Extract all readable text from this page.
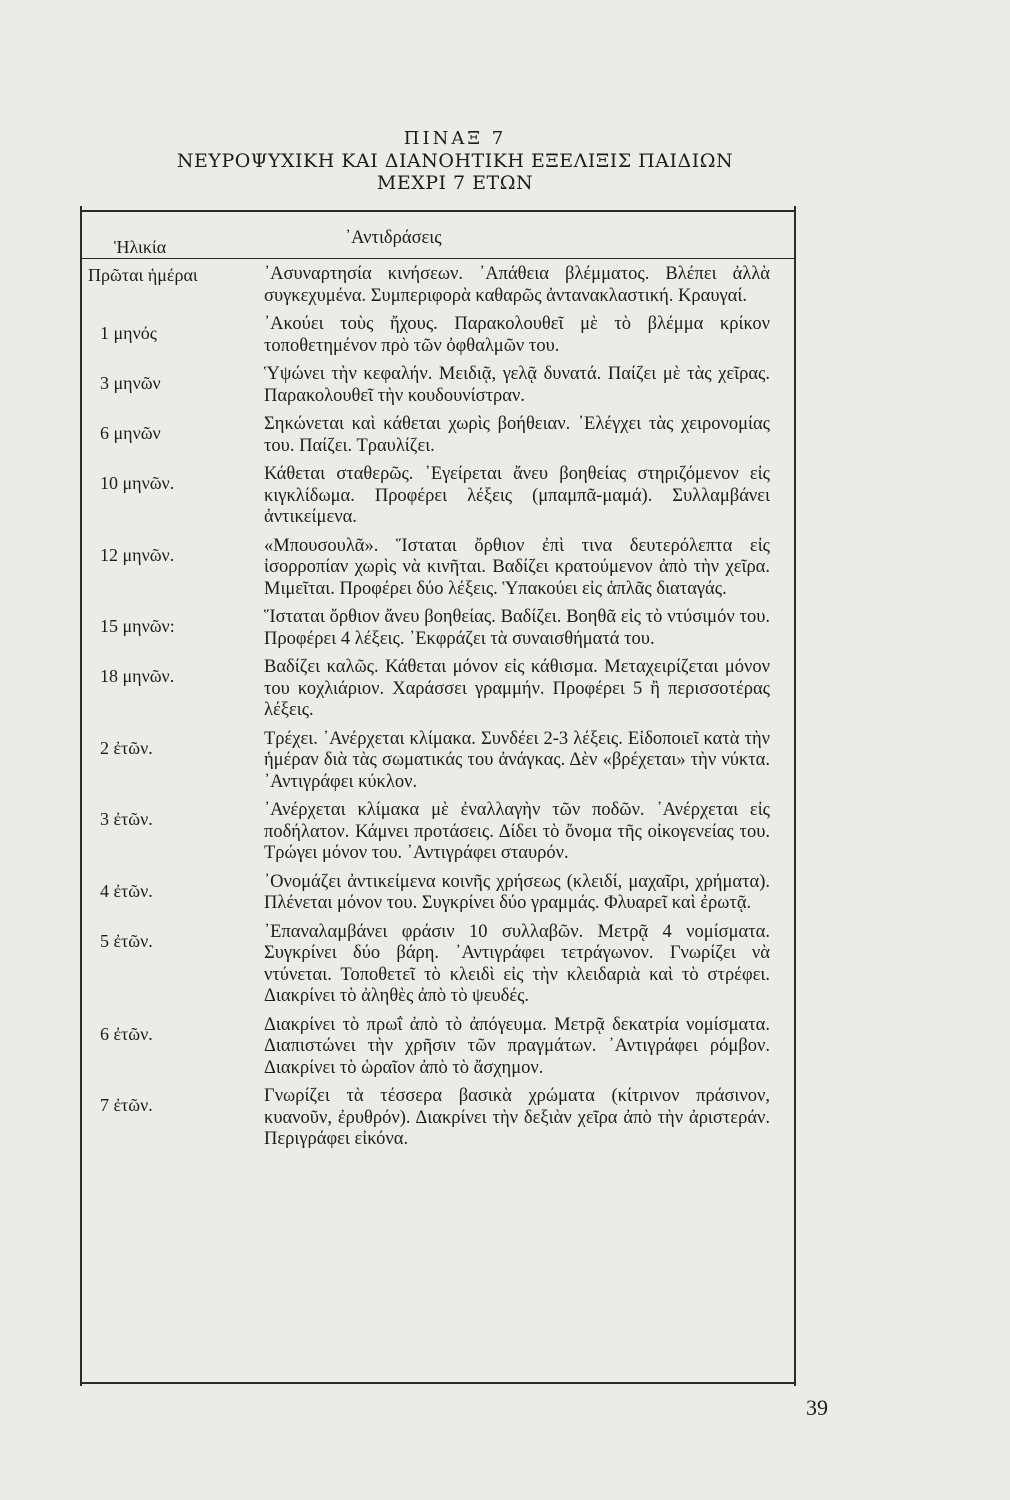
ΠΙΝΑΞ 7
ΝΕΥΡΟΨΥΧΙΚΗ ΚΑΙ ΔΙΑΝΟΗΤΙΚΗ ΕΞΕΛΙΞΙΣ ΠΑΙΔΙΩΝ
ΜΕΧΡΙ 7 ΕΤΩΝ
Ἡλικία	᾿Αντιδράσεις
Πρῶται ἡμέραι	᾿Ασυναρτησία κινήσεων. ᾿Απάθεια βλέμματος. Βλέπει ἀλλὰ συγκεχυμένα. Συμπεριφορὰ καθαρῶς ἀντανακλαστική. Κραυγαί.
1 μηνός	᾿Ακούει τοὺς ἤχους. Παρακολουθεῖ μὲ τὸ βλέμμα κρίκον τοποθετημένον πρὸ τῶν ὀφθαλμῶν του.
3 μηνῶν	Ὑψώνει τὴν κεφαλήν. Μειδιᾷ, γελᾷ δυνατά. Παίζει μὲ τὰς χεῖρας. Παρακολουθεῖ τὴν κουδουνίστραν.
6 μηνῶν	Σηκώνεται καὶ κάθεται χωρὶς βοήθειαν. ᾿Ελέγχει τὰς χειρονομίας του. Παίζει. Τραυλίζει.
10 μηνῶν.	Κάθεται σταθερῶς. ᾿Εγείρεται ἄνευ βοηθείας στηριζόμενον εἰς κιγκλίδωμα. Προφέρει λέξεις (μπαμπᾶ-μαμά). Συλλαμβάνει ἀντικείμενα.
12 μηνῶν.	«Μπουσουλᾶ». Ἵσταται ὄρθιον ἐπὶ τινα δευτερόλεπτα εἰς ἰσορροπίαν χωρὶς νὰ κινῆται. Βαδίζει κρατούμενον ἀπὸ τὴν χεῖρα. Μιμεῖται. Προφέρει δύο λέξεις. Ὑπακούει εἰς ἁπλᾶς διαταγάς.
15 μηνῶν:	Ἵσταται ὄρθιον ἄνευ βοηθείας. Βαδίζει. Βοηθᾶ εἰς τὸ ντύσιμόν του. Προφέρει 4 λέξεις. ᾿Εκφράζει τὰ συναισθήματά του.
18 μηνῶν.	Βαδίζει καλῶς. Κάθεται μόνον εἰς κάθισμα. Μεταχειρίζεται μόνον του κοχλιάριον. Χαράσσει γραμμήν. Προφέρει 5 ἢ περισσοτέρας λέξεις.
2 ἐτῶν.	Τρέχει. ᾿Ανέρχεται κλίμακα. Συνδέει 2-3 λέξεις. Εἰδοποιεῖ κατὰ τὴν ἡμέραν διὰ τὰς σωματικάς του ἀνάγκας. Δὲν «βρέχεται» τὴν νύκτα. ᾿Αντιγράφει κύκλον.
3 ἐτῶν.	᾿Ανέρχεται κλίμακα μὲ ἐναλλαγὴν τῶν ποδῶν. ᾿Ανέρχεται εἰς ποδήλατον. Κάμνει προτάσεις. Δίδει τὸ ὄνομα τῆς οἰκογενείας του. Τρώγει μόνον του. ᾿Αντιγράφει σταυρόν.
4 ἐτῶν.	᾿Ονομάζει ἀντικείμενα κοινῆς χρήσεως (κλειδί, μαχαῖρι, χρήματα). Πλένεται μόνον του. Συγκρίνει δύο γραμμάς. Φλυαρεῖ καὶ ἐρωτᾷ.
5 ἐτῶν.	᾿Επαναλαμβάνει φράσιν 10 συλλαβῶν. Μετρᾷ 4 νομίσματα. Συγκρίνει δύο βάρη. ᾿Αντιγράφει τετράγωνον. Γνωρίζει νὰ ντύνεται. Τοποθετεῖ τὸ κλειδὶ εἰς τὴν κλειδαριὰ καὶ τὸ στρέφει. Διακρίνει τὸ ἀληθὲς ἀπὸ τὸ ψευδές.
6 ἐτῶν.	Διακρίνει τὸ πρωΐ ἀπὸ τὸ ἀπόγευμα. Μετρᾷ δεκατρία νομίσματα. Διαπιστώνει τὴν χρῆσιν τῶν πραγμάτων. ᾿Αντιγράφει ρόμβον. Διακρίνει τὸ ὡραῖον ἀπὸ τὸ ἄσχημον.
7 ἐτῶν.	Γνωρίζει τὰ τέσσερα βασικὰ χρώματα (κίτρινον πράσινον, κυανοῦν, ἐρυθρόν). Διακρίνει τὴν δεξιὰν χεῖρα ἀπὸ τὴν ἀριστεράν. Περιγράφει εἰκόνα.
39
